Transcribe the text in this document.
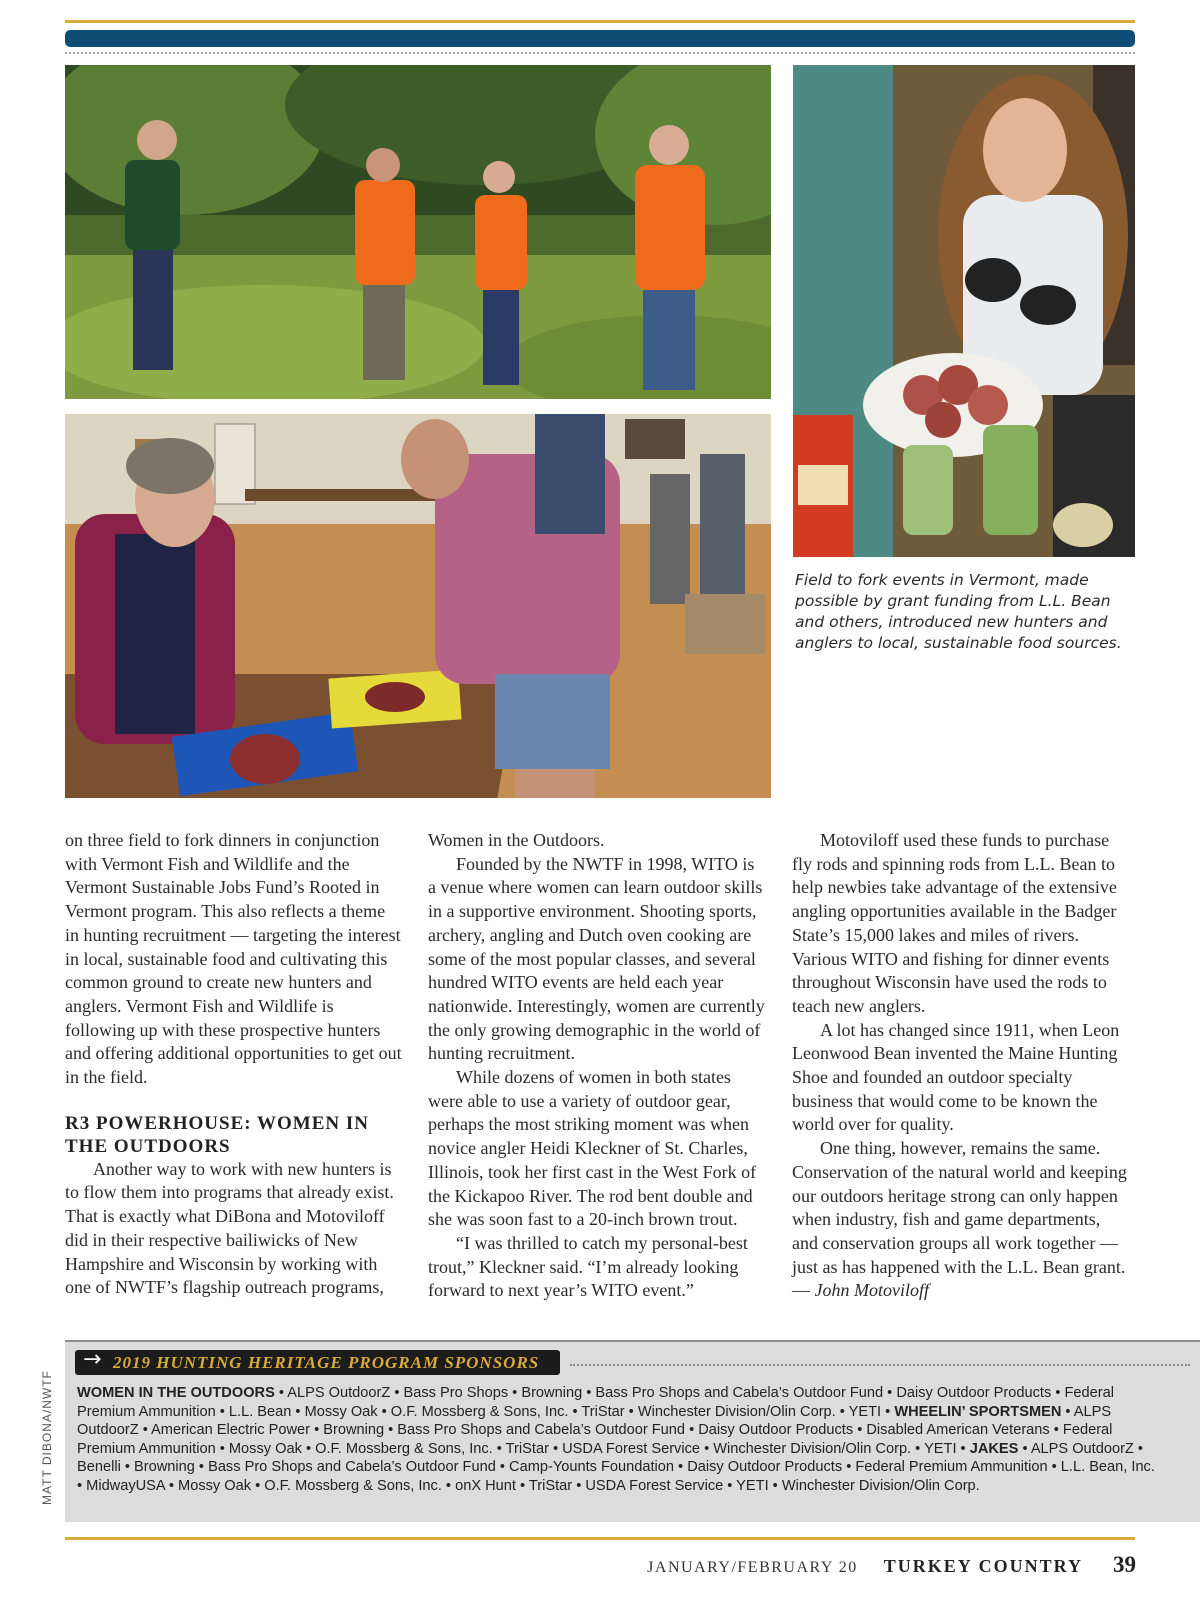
Field to fork events in Vermont, made possible by grant funding from L.L. Bean and others, introduced new hunters and anglers to local, sustainable food sources.

on three field to fork dinners in conjunction with Vermont Fish and Wildlife and the Vermont Sustainable Jobs Fund’s Rooted in Vermont program. This also reflects a theme in hunting recruitment — targeting the interest in local, sustainable food and cultivating this common ground to create new hunters and anglers. Vermont Fish and Wildlife is following up with these prospective hunters and offering additional opportunities to get out in the field.

R3 POWERHOUSE: WOMEN IN THE OUTDOORS

Another way to work with new hunters is to flow them into programs that already exist. That is exactly what DiBona and Motoviloff did in their respective bailiwicks of New Hampshire and Wisconsin by working with one of NWTF’s flagship outreach programs,

Women in the Outdoors.

Founded by the NWTF in 1998, WITO is a venue where women can learn outdoor skills in a supportive environment. Shooting sports, archery, angling and Dutch oven cooking are some of the most popular classes, and several hundred WITO events are held each year nationwide. Interestingly, women are currently the only growing demographic in the world of hunting recruitment.

While dozens of women in both states were able to use a variety of outdoor gear, perhaps the most striking moment was when novice angler Heidi Kleckner of St. Charles, Illinois, took her first cast in the West Fork of the Kickapoo River. The rod bent double and she was soon fast to a 20-inch brown trout.

“I was thrilled to catch my personal-best trout,” Kleckner said. “I’m already looking forward to next year’s WITO event.”

Motoviloff used these funds to purchase fly rods and spinning rods from L.L. Bean to help newbies take advantage of the extensive angling opportunities available in the Badger State’s 15,000 lakes and miles of rivers. Various WITO and fishing for dinner events throughout Wisconsin have used the rods to teach new anglers.

A lot has changed since 1911, when Leon Leonwood Bean invented the Maine Hunting Shoe and founded an outdoor specialty business that would come to be known the world over for quality.

One thing, however, remains the same. Conservation of the natural world and keeping our outdoors heritage strong can only happen when industry, fish and game departments, and conservation groups all work together — just as has happened with the L.L. Bean grant. — John Motoviloff

→ 2019 HUNTING HERITAGE PROGRAM SPONSORS
WOMEN IN THE OUTDOORS • ALPS OutdoorZ • Bass Pro Shops • Browning • Bass Pro Shops and Cabela’s Outdoor Fund • Daisy Outdoor Products • Federal Premium Ammunition • L.L. Bean • Mossy Oak • O.F. Mossberg & Sons, Inc. • TriStar • Winchester Division/Olin Corp. • YETI • WHEELIN’ SPORTSMEN • ALPS OutdoorZ • American Electric Power • Browning • Bass Pro Shops and Cabela’s Outdoor Fund • Daisy Outdoor Products • Disabled American Veterans • Federal Premium Ammunition • Mossy Oak • O.F. Mossberg & Sons, Inc. • TriStar • USDA Forest Service • Winchester Division/Olin Corp. • YETI • JAKES • ALPS OutdoorZ • Benelli • Browning • Bass Pro Shops and Cabela’s Outdoor Fund • Camp-Younts Foundation • Daisy Outdoor Products • Federal Premium Ammunition • L.L. Bean, Inc. • MidwayUSA • Mossy Oak • O.F. Mossberg & Sons, Inc. • onX Hunt • TriStar • USDA Forest Service • YETI • Winchester Division/Olin Corp.
MATT DIBONA/NWTF
JANUARY/FEBRUARY 20 TURKEY COUNTRY 39
